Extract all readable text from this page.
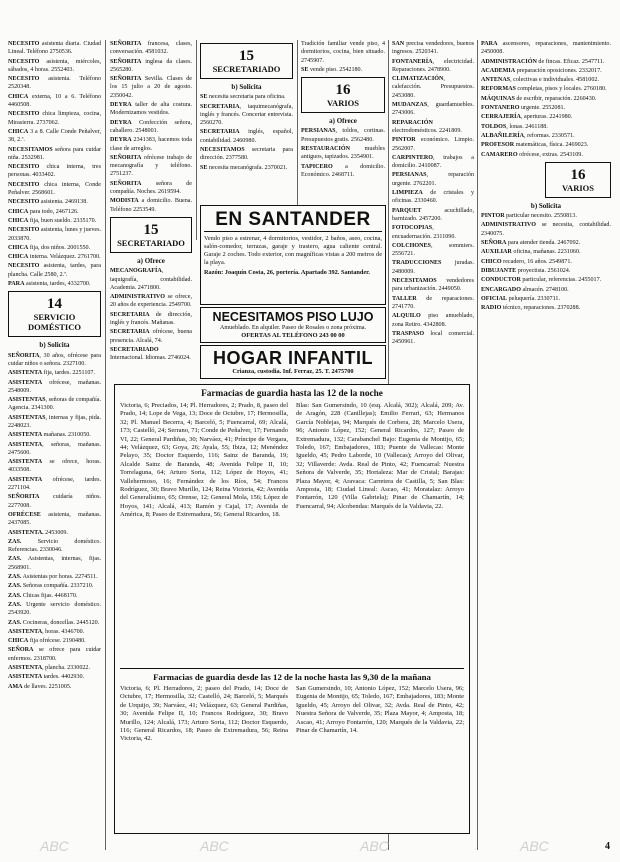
4

NECESITO asistenta diaria. Ciudad Lineal. Teléfono 2750536.

NECESITO asistenta, miércoles, sábados, 4 horas. 2552403.

NECESITO asistenta. Teléfono 2520348.

CHICA externa, 10 a 6. Teléfono 4460508.

NECESITO chica limpieza, cocina, Mirasierra. 2737062.

CHICA 3 a 8. Calle Conde Peñalver, 38, 2.ª.

NECESITAMOS señora para cuidar niña. 2532981.

NECESITO chica interna, tres personas. 4033402.

NECESITO chica interna, Conde Peñalver. 2568601.

NECESITO asistenta. 2469138.

CHICA para todo, 2467126.

CHICA fija, buen sueldo. 2335170.

NECESITO asistenta, lunes y jueves. 2033870.

CHICA fija, dos niños. 2001550.

CHICA interna. Velázquez. 2761700.

NECESITO asistenta, tardes, para plancha. Calle 2580, 2.ª.

PARA asistenta, tardes, 4332700.

14
SERVICIO DOMÉSTICO
b) Solicita

SEÑORITA, 30 años, ofrécese para cuidar niños o señora. 2327100.

ASISTENTA fija, tardes. 2251107.

ASISTENTA ofrécese, mañanas. 2548009.

ASISTENTAS, señoras de compañía. Agencia. 2341300.

ASISTENTAS, internas y fijas, pida. 2248023.

ASISTENTA mañanas. 2310050.

ASISTENTA, señoras, mañanas. 2475600.

ASISTENTA se ofrece, horas. 4033508.

ASISTENTA ofrécese, tardes. 2271104.

SEÑORITA cuidaría niños. 2277008.

OFRÉCESE asistenta, mañanas. 2437085.

ASISTENTA. 2453009.

ZAS. Servicio doméstico. Referencias. 2330046.

ZAS. Asistentas, internas, fijas. 2568901.

ZAS. Asistentas por horas. 2274511.

ZAS. Señoras compañía. 2337210.

ZAS. Chicas fijas. 4468170.

ZAS. Urgente servicio doméstico. 2543920.

ZAS. Cocineras, doncellas. 2445120.

ASISTENTA, horas. 4346700.

CHICA fija ofrécese. 2190480.

SEÑORA se ofrece para cuidar enfermos. 2318700.

ASISTENTA, plancha. 2330022.

ASISTENTA tardes. 4402930.

AMA de llaves. 2251005.

SEÑORITA francesa, clases, conversación. 4581032.

SEÑORITA inglesa da clases. 2565280.

SEÑORITA Sevilla. Clases de los 15 julio a 20 de agosto. 2350042.

DEYRA taller de alta costura. Modernizamos vestidos.

DEYRA Confección señora, caballero. 2548001.

DEYRA 2341383, hacemos toda clase de arreglos.

SEÑORITA ofrécese trabajo de mecanografía y teléfono. 2751237.

SEÑORITA señora de compañía. Noches. 2619594.

MODISTA a domicilio. Buena. Teléfono 2253549.

15
SECRETARIADO
a) Ofrece

MECANOGRAFÍA, taquigrafía, contabilidad. Academia. 2471800.

ADMINISTRATIVO se ofrece, 20 años de experiencia. 2549700.

SECRETARIA de dirección, inglés y francés. Mañanas.

SECRETARIA ofrécese, buena presencia. Alcalá, 74.

SECRETARIADO Internacional. Idiomas. 2746024.

15
SECRETARIADO
b) Solicita

SE necesita secretaria para oficina.

SECRETARIA, taquimecanógrafa, inglés y francés. Concertar entrevista. 2560270.

SECRETARIA inglés, español, contabilidad. 2460980.

NECESITAMOS secretaria para dirección. 2377580.

SE necesita mecanógrafa. 2370021.

Tradición familiar vende piso, 4 dormitorios, cocina, bien situado. 2745907.

SE vende piso. 2542180.

16
VARIOS
a) Ofrece

PERSIANAS, toldos, cortinas. Presupuestos gratis. 2562480.

RESTAURACIÓN muebles antiguos, tapizados. 2354901.

TAPICERO a domicilio. Económico. 2468711.

SAN precisa vendedores, buenos ingresos. 2520341.

FONTANERÍA, electricidad. Reparaciones. 2478900.

CLIMATIZACIÓN, calefacción. Presupuestos. 2453080.

MUDANZAS, guardamuebles. 2743006.

REPARACIÓN electrodomésticos. 2241809.

PINTOR económico. Limpio. 2562007.

CARPINTERO, trabajos a domicilio. 2410087.

PERSIANAS, reparación urgente. 2762201.

LIMPIEZA de cristales y oficinas. 2330460.

PARQUET acuchillado, barnizado. 2457200.

FOTOCOPIAS, encuadernación. 2311090.

COLCHONES, sommiers. 2556721.

TRADUCCIONES juradas. 2480009.

NECESITAMOS vendedores para urbanización. 2449050.

TALLER de reparaciones. 2741770.

ALQUILO piso amueblado, zona Retiro. 4342808.

TRASPASO local comercial. 2450961.

PARA ascensores, reparaciones, mantenimiento. 2450008.

ADMINISTRACIÓN de fincas. Eficaz. 2547711.

ACADEMIA preparación oposiciones. 2332017.

ANTENAS, colectivas e individuales. 4581002.

REFORMAS completas, pisos y locales. 2760180.

MÁQUINAS de escribir, reparación. 2260430.

FONTANERO urgente. 2552081.

CERRAJERÍA, aperturas. 2241980.

TOLDOS, lonas. 2461188.

ALBAÑILERÍA, reformas. 2330571.

PROFESOR matemáticas, física. 2469023.

CAMARERO ofrécese, extras. 2543109.

16
VARIOS
b) Solicita

PINTOR particular necesito. 2550813.

ADMINISTRATIVO se necesita, contabilidad. 2340075.

SEÑORA para atender tienda. 2467092.

AUXILIAR oficina, mañanas. 2231060.

CHICO recadero, 16 años. 2549871.

DIBUJANTE proyectista. 2561024.

CONDUCTOR particular, referencias. 2455017.

ENCARGADO almacén. 2748100.

OFICIAL peluquería. 2330711.

RADIO técnico, reparaciones. 2370288.

EN SANTANDER
Vendo piso a estrenar, 4 dormitorios, vestidor, 2 baños, aseo, cocina, salón-comedor, terrazas, garaje y trastero, agua caliente central. Garaje 2 coches. Todo exterior, con magníficas vistas a 200 metros de la playa.
Razón: Joaquín Costa, 26, portería. Apartado 392. Santander.
NECESITAMOS PISO LUJO
Amueblado. En alquiler. Paseo de Rosales o zona próxima.
OFERTAS AL TELÉFONO 243 00 00
HOGAR INFANTIL
Crianza, custodia. Inf. Ferraz, 25. T. 2475700
Farmacias de guardia hasta las 12 de la noche
Victoria, 6; Preciados, 14; Pl. Herradores, 2; Prado, 8, paseo del Prado, 14; Lope de Vega, 13; Doce de Octubre, 17; Hermosilla, 32; Pl. Manuel Becerra, 4; Barceló, 5; Fuencarral, 69; Alcalá, 173; Castelló, 24; Serrano, 71; Conde de Peñalver, 17; Fernando VI, 22; General Pardiñas, 30; Narváez, 41; Príncipe de Vergara, 44; Velázquez, 63; Goya, 26; Ayala, 55; Ibiza, 12; Menéndez Pelayo, 35; Doctor Esquerdo, 116; Sainz de Baranda, 19; Alcalde Sainz de Baranda, 48; Avenida Felipe II, 10; Torrelaguna, 64; Arturo Soria, 112; López de Hoyos, 41; Vallehermoso, 16; Fernández de los Ríos, 54; Francos Rodríguez, 30; Bravo Murillo, 124; Reina Victoria, 42; Avenida del Generalísimo, 65; Orense, 12; General Mola, 156; López de Hoyos, 141; Alcalá, 413; Ramón y Cajal, 17; Avenida de América, 8; Paseo de Extremadura, 56; General Ricardos, 18.
Blas: San Gumersindo, 10 (esq. Alcalá, 302); Alcalá, 209; Av. de Aragón, 228 (Canillejas); Emilio Ferrari, 63; Hermanos García Noblejas, 94; Marqués de Corbera, 28; Marcelo Usera, 96; Antonio López, 152; General Ricardos, 127; Paseo de Extremadura, 132; Carabanchel Bajo: Eugenia de Montijo, 65; Toledo, 167; Embajadores, 183; Puente de Vallecas: Monte Igueldo, 45; Pedro Laborde, 10 (Vallecas); Arroyo del Olivar, 32; Villaverde: Avda. Real de Pinto, 42; Fuencarral: Nuestra Señora de Valverde, 35; Hortaleza: Mar de Cristal; Barajas: Plaza Mayor, 4; Aravaca: Carretera de Castilla, 5; San Blas: Amposta, 18; Ciudad Lineal: Ascao, 41; Moratalaz: Arroyo Fontarrón, 120 (Villa Gabriela); Pinar de Chamartín, 14; Fuencarral, 94; Alcobendas: Marqués de la Valdavia, 22.
Farmacias de guardia desde las 12 de la noche hasta las 9,30 de la mañana
Victoria, 6; Pl. Herradores, 2; paseo del Prado, 14; Doce de Octubre, 17; Hermosilla, 32; Castelló, 24; Barceló, 5; Marqués de Urquijo, 39; Narváez, 41; Velázquez, 63; General Pardiñas, 30; Avenida Felipe II, 10; Francos Rodríguez, 30; Bravo Murillo, 124; Alcalá, 173; Arturo Soria, 112; Doctor Esquerdo, 116; General Ricardos, 18; Paseo de Extremadura, 56; Reina Victoria, 42.
San Gumersindo, 10; Antonio López, 152; Marcelo Usera, 96; Eugenia de Montijo, 65; Toledo, 167; Embajadores, 183; Monte Igueldo, 45; Arroyo del Olivar, 32; Avda. Real de Pinto, 42; Nuestra Señora de Valverde, 35; Plaza Mayor, 4; Amposta, 18; Ascao, 41; Arroyo Fontarrón, 120; Marqués de la Valdavia, 22; Pinar de Chamartín, 14.
ABC	ABC	ABC	ABC
